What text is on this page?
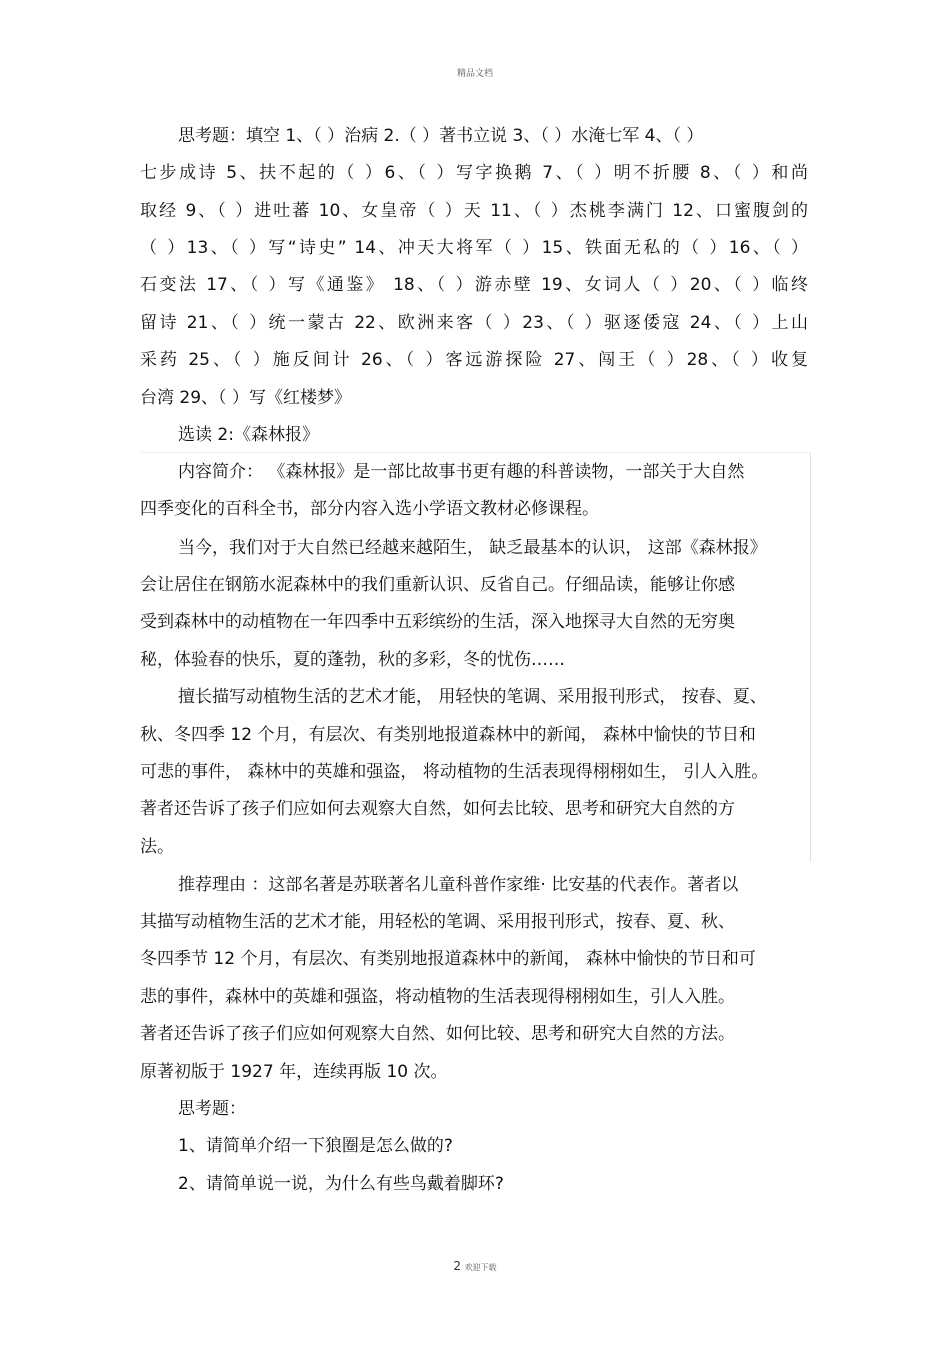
精品文档
思考题：填空 1、（ ）治病 2.（ ）著书立说 3、（ ）水淹七军 4、（ ）
七步成诗 5、扶不起的（ ）6、（ ）写字换鹅 7、（ ）明不折腰 8、（ ）和尚
取经 9、（ ）进吐蕃 10、女皇帝（ ）天 11、（ ）杰桃李满门 12、口蜜腹剑的
（ ）13、（ ）写“诗史” 14、冲天大将军（ ）15、铁面无私的（ ）16、（ ）
石变法 17、（ ）写《通鉴》 18、（ ）游赤壁 19、女词人（ ）20、（ ）临终
留诗 21、（ ）统一蒙古 22、欧洲来客（ ）23、（ ）驱逐倭寇 24、（ ）上山
采药 25、（ ）施反间计 26、（ ）客远游探险 27、闯王（ ）28、（ ）收复
台湾 29、（ ）写《红楼梦》
选读 2:《森林报》
内容简介： 《森林报》是一部比故事书更有趣的科普读物，一部关于大自然
四季变化的百科全书，部分内容入选小学语文教材必修课程。
当今，我们对于大自然已经越来越陌生， 缺乏最基本的认识， 这部《森林报》
会让居住在钢筋水泥森林中的我们重新认识、反省自己。仔细品读，能够让你感
受到森林中的动植物在一年四季中五彩缤纷的生活，深入地探寻大自然的无穷奥
秘，体验春的快乐，夏的蓬勃，秋的多彩，冬的忧伤……
擅长描写动植物生活的艺术才能， 用轻快的笔调、采用报刊形式， 按春、夏、
秋、冬四季 12 个月，有层次、有类别地报道森林中的新闻， 森林中愉快的节日和
可悲的事件， 森林中的英雄和强盗， 将动植物的生活表现得栩栩如生， 引人入胜。
著者还告诉了孩子们应如何去观察大自然，如何去比较、思考和研究大自然的方
法。
推荐理由 ：这部名著是苏联著名儿童科普作家维· 比安基的代表作。著者以
其描写动植物生活的艺术才能，用轻松的笔调、采用报刊形式，按春、夏、秋、
冬四季节 12 个月，有层次、有类别地报道森林中的新闻， 森林中愉快的节日和可
悲的事件，森林中的英雄和强盗，将动植物的生活表现得栩栩如生，引人入胜。
著者还告诉了孩子们应如何观察大自然、如何比较、思考和研究大自然的方法。
原著初版于 1927 年，连续再版 10 次。
思考题：
1、请简单介绍一下狼圈是怎么做的?
2、请简单说一说，为什么有些鸟戴着脚环?
2 欢迎下载
